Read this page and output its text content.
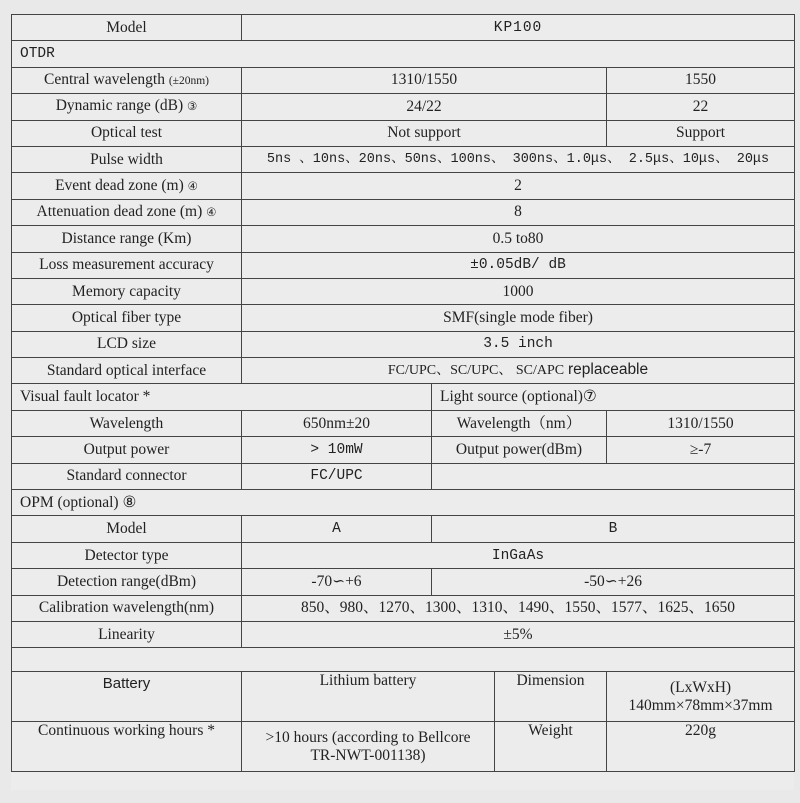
Model	KP100			
OTDR				
Central wavelength (±20nm)	1310/1550			1550
Dynamic range (dB) ③	24/22			22
Optical test	Not support			Support
Pulse width	5ns 、10ns、20ns、50ns、100ns、 300ns、1.0μs、 2.5μs、10μs、 20μs			
Event dead zone (m) ④	2			
Attenuation dead zone (m) ④	8			
Distance range (Km)	0.5 to80			
Loss measurement accuracy	±0.05dB/ dB			
Memory capacity	1000			
Optical fiber type	SMF(single mode fiber)			
LCD size	3.5 inch			
Standard optical interface	FC/UPC、SC/UPC、 SC/APC replaceable			
Visual fault locator *		Light source (optional)⑦		
Wavelength	650nm±20	Wavelength（nm）		1310/1550
Output power	> 10mW	Output power(dBm)		≥-7
Standard connector	FC/UPC			
OPM (optional) ⑧				
Model	A	B		
Detector type	InGaAs			
Detection range(dBm)	-70∽+6	-50∽+26		
Calibration wavelength(nm)	850、980、1270、1300、1310、1490、1550、1577、1625、1650			
Linearity	±5%			

Battery	Lithium battery		Dimension	(LxWxH)
140mm×78mm×37mm

Continuous working hours *	>10 hours (according to Bellcore
TR-NWT-001138)		Weight	220g
